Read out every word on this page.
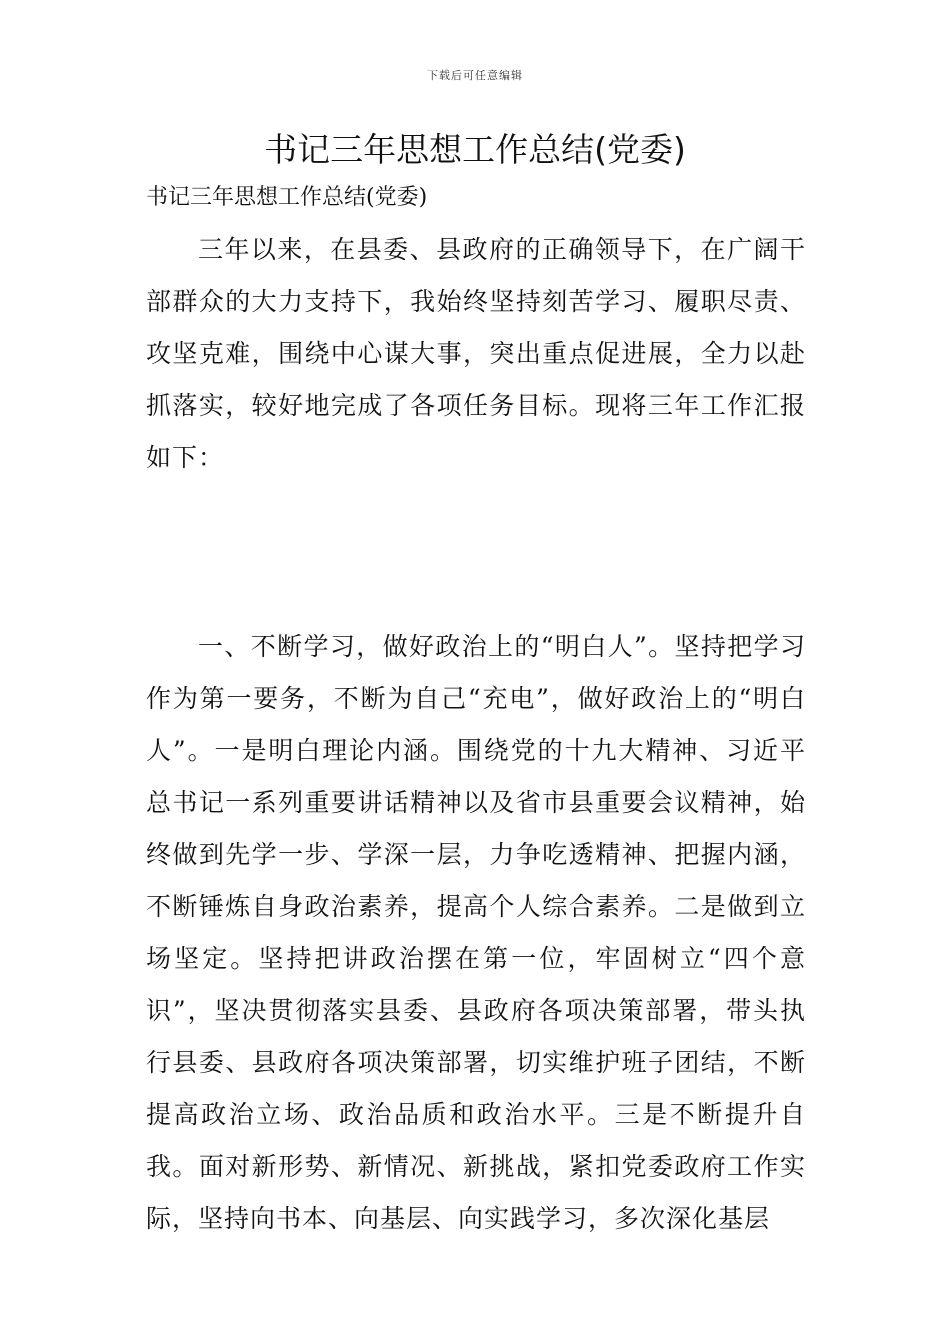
下载后可任意编辑
书记三年思想工作总结(党委)
书记三年思想工作总结(党委)

三年以来，在县委、县政府的正确领导下，在广阔干部群众的大力支持下，我始终坚持刻苦学习、履职尽责、攻坚克难，围绕中心谋大事，突出重点促进展，全力以赴抓落实，较好地完成了各项任务目标。现将三年工作汇报如下：

一、不断学习，做好政治上的“明白人”。坚持把学习作为第一要务，不断为自己“充电”，做好政治上的“明白人”。一是明白理论内涵。围绕党的十九大精神、习近平总书记一系列重要讲话精神以及省市县重要会议精神，始终做到先学一步、学深一层，力争吃透精神、把握内涵，不断锤炼自身政治素养，提高个人综合素养。二是做到立场坚定。坚持把讲政治摆在第一位，牢固树立“四个意识”，坚决贯彻落实县委、县政府各项决策部署，带头执行县委、县政府各项决策部署，切实维护班子团结，不断提高政治立场、政治品质和政治水平。三是不断提升自我。面对新形势、新情况、新挑战，紧扣党委政府工作实际，坚持向书本、向基层、向实践学习，多次深化基层
